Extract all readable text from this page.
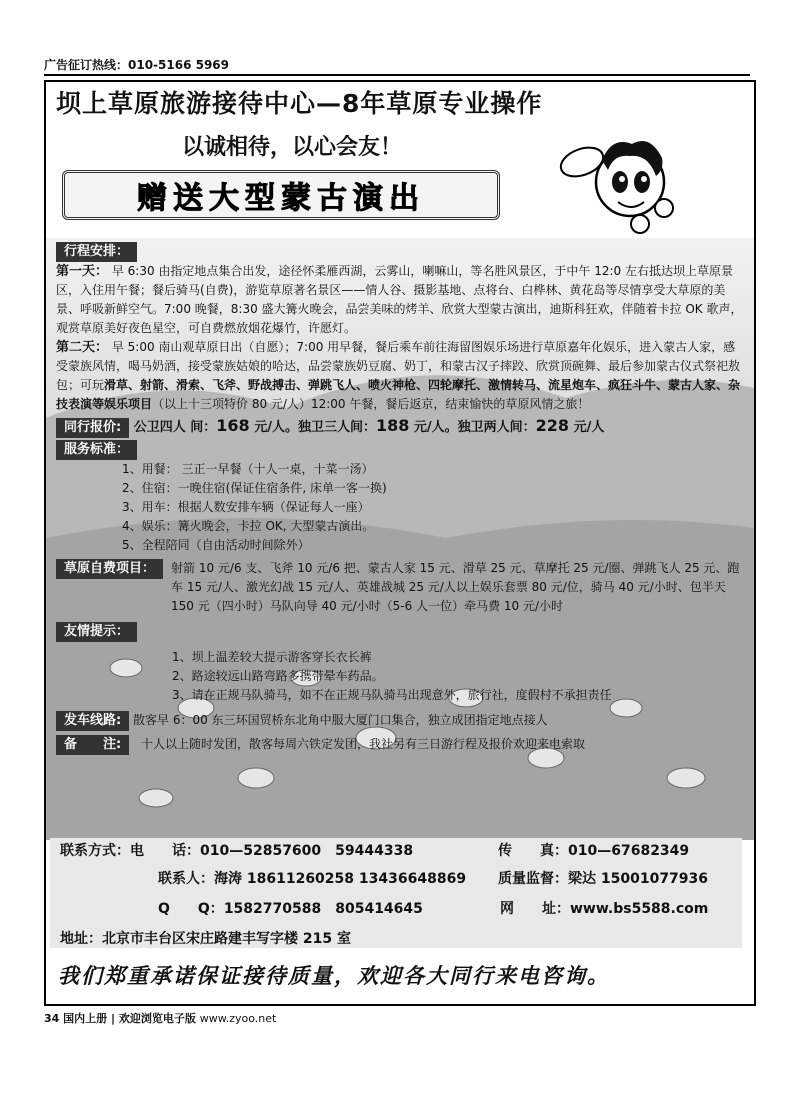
广告征订热线：010-5166 5969
坝上草原旅游接待中心—8年草原专业操作
以诚相待，以心会友！
赠送大型蒙古演出
行程安排：

第一天： 早 6:30 由指定地点集合出发，途径怀柔雁西湖，云雾山，喇嘛山，等名胜风景区，于中午 12:0 左右抵达坝上草原景区，入住用午餐；餐后骑马(自费)，游览草原著名景区——情人谷、摄影基地、点将台、白桦林、黄花岛等尽情享受大草原的美景、呼吸新鲜空气。7:00 晚餐，8:30 盛大篝火晚会，品尝美味的烤羊、欣赏大型蒙古演出，迪斯科狂欢，伴随着卡拉 OK 歌声，观赏草原美好夜色星空，可自费燃放烟花爆竹，许愿灯。

第二天： 早 5:00 南山观草原日出（自愿）；7:00 用早餐，餐后乘车前往海留图娱乐场进行草原嘉年化娱乐，进入蒙古人家，感受蒙族风情，喝马奶酒，接受蒙族姑娘的哈达，品尝蒙族奶豆腐、奶丁，和蒙古汉子摔跤、欣赏顶碗舞、最后参加蒙古仪式祭祀敖包；可玩滑草、射箭、滑索、飞斧、野战搏击、弹跳飞人、喷火神枪、四轮摩托、激情转马、流星炮车、疯狂斗牛、蒙古人家、杂技表演等娱乐项目（以上十三项特价 80 元/人）12:00 午餐，餐后返京，结束愉快的草原风情之旅！

同行报价: 公卫四人 间：168 元/人。独卫三人间：188 元/人。独卫两人间：228 元/人
服务标准：
1、用餐： 三正一早餐（十人一桌，十菜一汤）
2、住宿：一晚住宿(保证住宿条件, 床单一客一换)
3、用车：根据人数安排车辆（保证每人一座）
4、娱乐：篝火晚会，卡拉 OK, 大型蒙古演出。
5、全程陪同（自由活动时间除外）
草原自费项目：	射箭 10 元/6 支、飞斧 10 元/6 把、蒙古人家 15 元、滑草 25 元、草摩托 25 元/圈、弹跳飞人 25 元、跑车 15 元/人、激光幻战 15 元/人、英雄战城 25 元/人以上娱乐套票 80 元/位，骑马 40 元/小时、包半天 150 元（四小时）马队向导 40 元/小时（5-6 人一位）牵马费 10 元/小时
友情提示：
1、坝上温差较大提示游客穿长衣长裤
2、路途较远山路弯路多携带晕车药品。
3、请在正规马队骑马，如不在正规马队骑马出现意外，旅行社，度假村不承担责任
发车线路: 散客早 6：00 东三环国贸桥东北角中服大厦门口集合，独立成团指定地点接人
备　　注: 十人以上随时发团，散客每周六铁定发团，我社另有三日游行程及报价欢迎来电索取
联系方式：电　　话：010—52857600　59444338	传　　真：010—67682349
联系人：海涛 18611260258 13436648869 质量监督：梁达 15001077936
Q　　Q：1582770588　805414645	网　　址：www.bs5588.com
地址：北京市丰台区宋庄路建丰写字楼 215 室
我们郑重承诺保证接待质量，欢迎各大同行来电咨询。
34 国内上册 | 欢迎浏览电子版 www.zyoo.net
